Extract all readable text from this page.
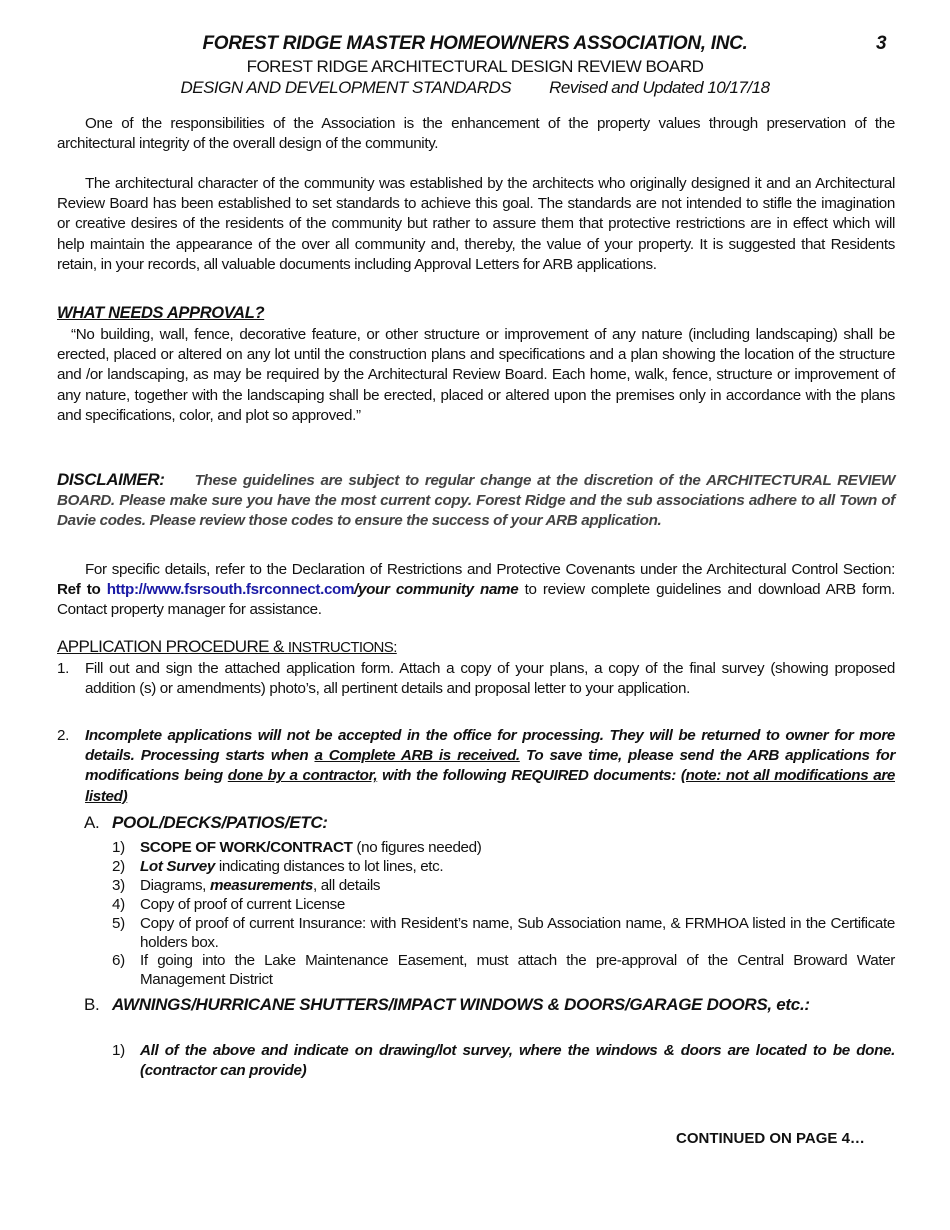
FOREST RIDGE MASTER HOMEOWNERS ASSOCIATION, INC.	3
FOREST RIDGE ARCHITECTURAL DESIGN REVIEW BOARD
DESIGN AND DEVELOPMENT STANDARDS Revised and Updated 10/17/18
One of the responsibilities of the Association is the enhancement of the property values through preservation of the architectural integrity of the overall design of the community.
The architectural character of the community was established by the architects who originally designed it and an Architectural Review Board has been established to set standards to achieve this goal. The standards are not intended to stifle the imagination or creative desires of the residents of the community but rather to assure them that protective restrictions are in effect which will help maintain the appearance of the over all community and, thereby, the value of your property. It is suggested that Residents retain, in your records, all valuable documents including Approval Letters for ARB applications.
WHAT NEEDS APPROVAL?
“No building, wall, fence, decorative feature, or other structure or improvement of any nature (including landscaping) shall be erected, placed or altered on any lot until the construction plans and specifications and a plan showing the location of the structure and /or landscaping, as may be required by the Architectural Review Board. Each home, walk, fence, structure or improvement of any nature, together with the landscaping shall be erected, placed or altered upon the premises only in accordance with the plans and specifications, color, and plot so approved.”
DISCLAIMER: These guidelines are subject to regular change at the discretion of the ARCHITECTURAL REVIEW BOARD. Please make sure you have the most current copy. Forest Ridge and the sub associations adhere to all Town of Davie codes. Please review those codes to ensure the success of your ARB application.
For specific details, refer to the Declaration of Restrictions and Protective Covenants under the Architectural Control Section: Ref to http://www.fsrsouth.fsrconnect.com/your community name to review complete guidelines and download ARB form. Contact property manager for assistance.
APPLICATION PROCEDURE & INSTRUCTIONS:
1. Fill out and sign the attached application form. Attach a copy of your plans, a copy of the final survey (showing proposed addition (s) or amendments) photo’s, all pertinent details and proposal letter to your application.
2. Incomplete applications will not be accepted in the office for processing. They will be returned to owner for more details. Processing starts when a Complete ARB is received. To save time, please send the ARB applications for modifications being done by a contractor, with the following REQUIRED documents: (note: not all modifications are listed)
A. POOL/DECKS/PATIOS/ETC:
1) SCOPE OF WORK/CONTRACT (no figures needed)
2) Lot Survey indicating distances to lot lines, etc.
3) Diagrams, measurements, all details
4) Copy of proof of current License
5) Copy of proof of current Insurance: with Resident’s name, Sub Association name, & FRMHOA listed in the Certificate holders box.
6) If going into the Lake Maintenance Easement, must attach the pre-approval of the Central Broward Water Management District
B. AWNINGS/HURRICANE SHUTTERS/IMPACT WINDOWS & DOORS/GARAGE DOORS, etc.:
1) All of the above and indicate on drawing/lot survey, where the windows & doors are located to be done. (contractor can provide)
CONTINUED ON PAGE 4…
